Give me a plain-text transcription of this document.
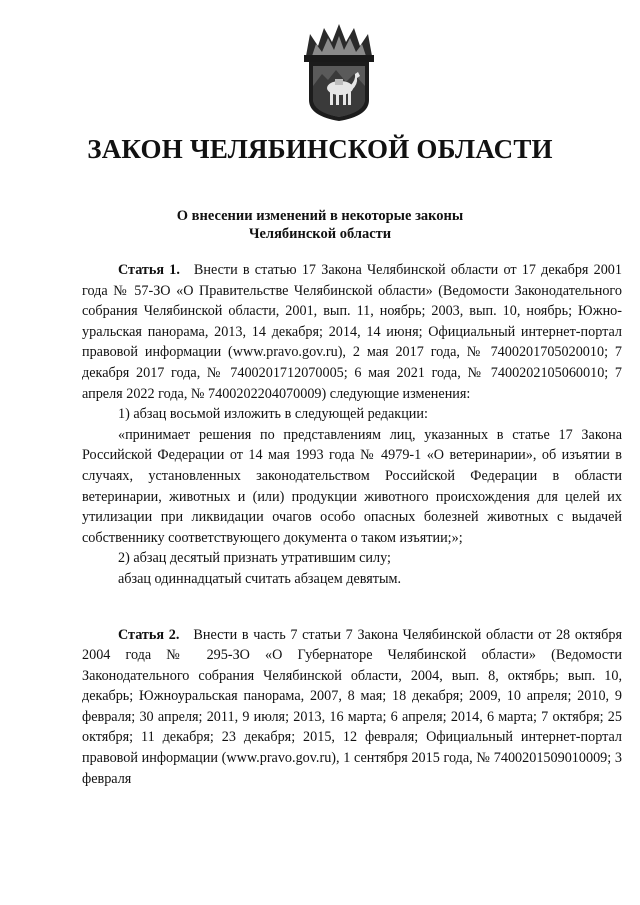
ЗАКОН ЧЕЛЯБИНСКОЙ ОБЛАСТИ
О внесении изменений в некоторые законы
Челябинской области

Статья 1. Внести в статью 17 Закона Челябинской области от 17 декабря 2001 года № 57-ЗО «О Правительстве Челябинской области» (Ведомости Законодательного собрания Челябинской области, 2001, вып. 11, ноябрь; 2003, вып. 10, ноябрь; Южно-уральская панорама, 2013, 14 декабря; 2014, 14 июня; Официальный интернет-портал правовой информации (www.pravo.gov.ru), 2 мая 2017 года, № 7400201705020010; 7 декабря 2017 года, № 7400201712070005; 6 мая 2021 года, № 7400202105060010; 7 апреля 2022 года, № 7400202204070009) следующие изменения:

1) абзац восьмой изложить в следующей редакции:

«принимает решения по представлениям лиц, указанных в статье 17 Закона Российской Федерации от 14 мая 1993 года № 4979-1 «О ветеринарии», об изъятии в случаях, установленных законодательством Российской Федерации в области ветеринарии, животных и (или) продукции животного происхождения для целей их утилизации при ликвидации очагов особо опасных болезней животных с выдачей собственнику соответствующего документа о таком изъятии;»;

2) абзац десятый признать утратившим силу;

абзац одиннадцатый считать абзацем девятым.

Статья 2. Внести в часть 7 статьи 7 Закона Челябинской области от 28 октября 2004 года № 295-ЗО «О Губернаторе Челябинской области» (Ведомости Законодательного собрания Челябинской области, 2004, вып. 8, октябрь; вып. 10, декабрь; Южноуральская панорама, 2007, 8 мая; 18 декабря; 2009, 10 апреля; 2010, 9 февраля; 30 апреля; 2011, 9 июля; 2013, 16 марта; 6 апреля; 2014, 6 марта; 7 октября; 25 октября; 11 декабря; 23 декабря; 2015, 12 февраля; Официальный интернет-портал правовой информации (www.pravo.gov.ru), 1 сентября 2015 года, № 7400201509010009; 3 февраля
